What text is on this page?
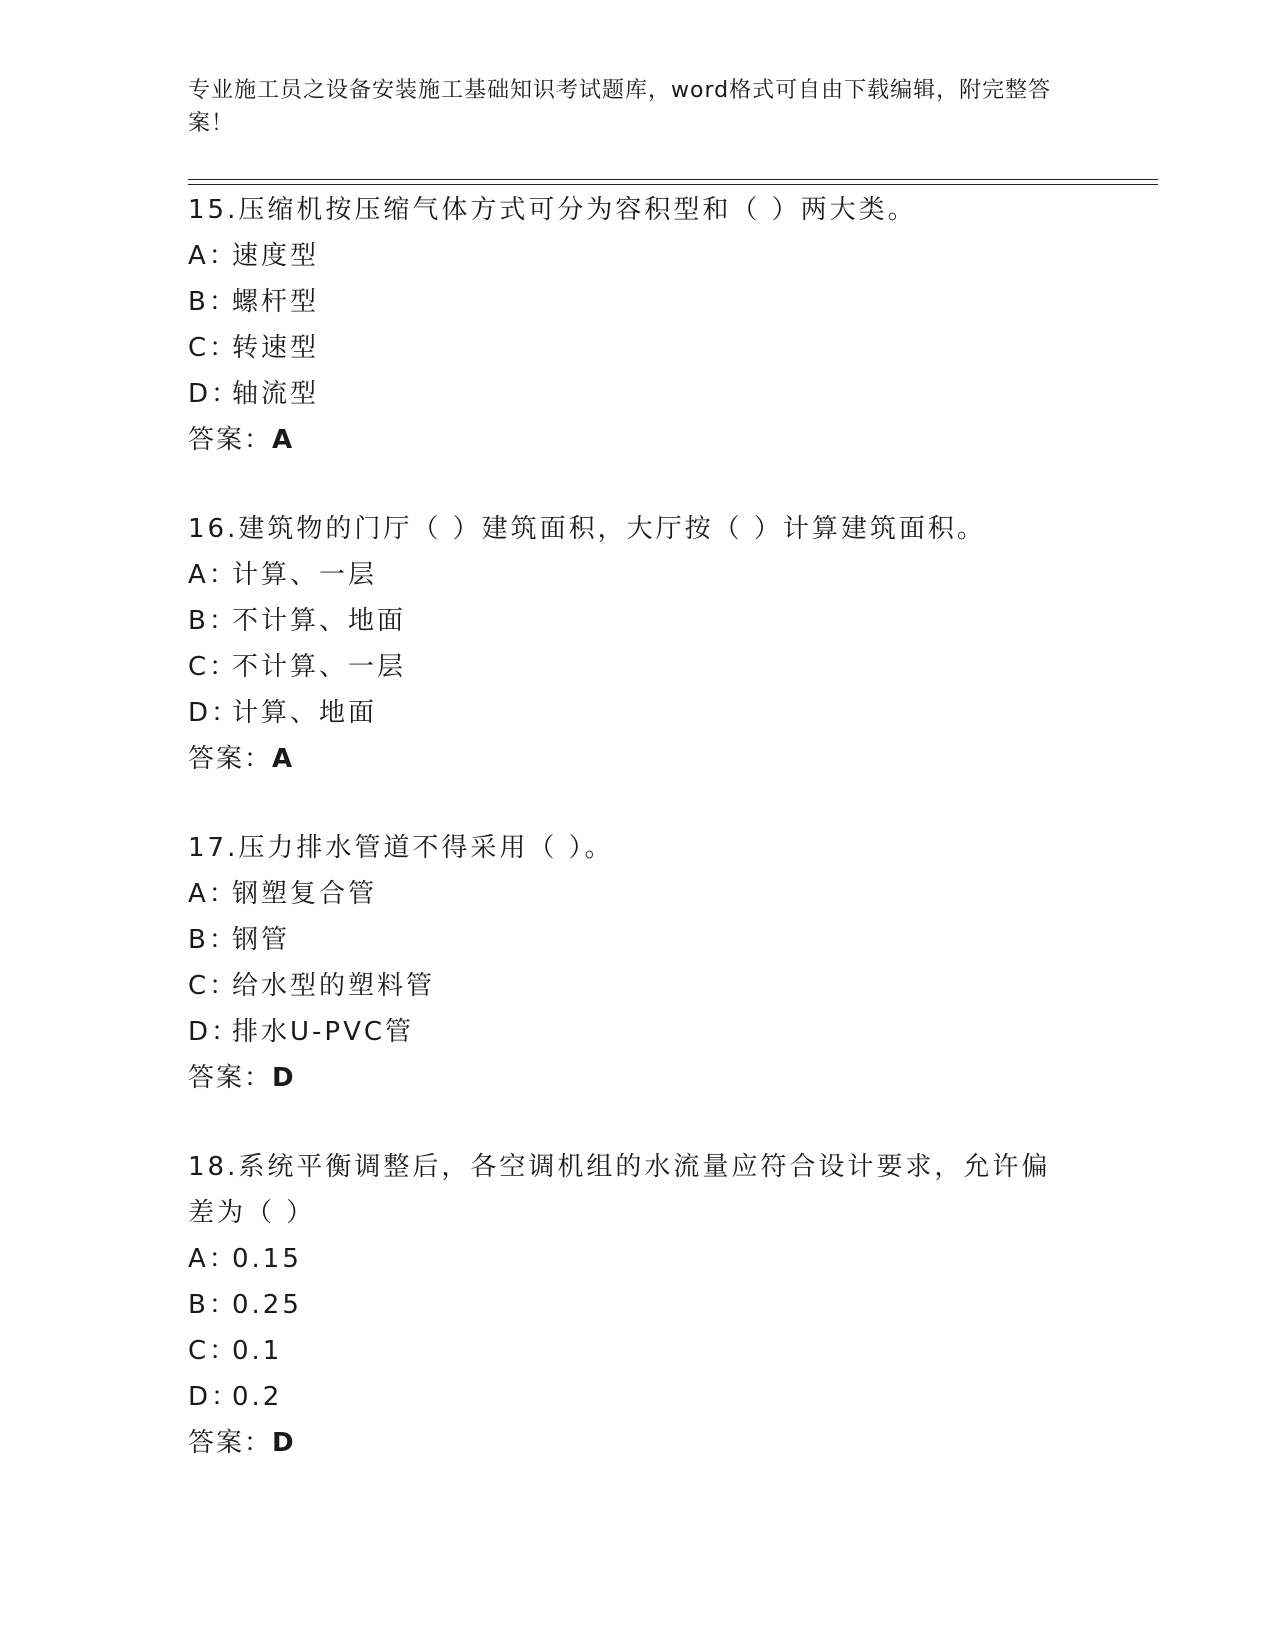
专业施工员之设备安装施工基础知识考试题库，word格式可自由下载编辑，附完整答案！
15.压缩机按压缩气体方式可分为容积型和（ ）两大类。
A：速度型
B：螺杆型
C：转速型
D：轴流型
答案：A
16.建筑物的门厅（ ）建筑面积，大厅按（ ）计算建筑面积。
A：计算、一层
B：不计算、地面
C：不计算、一层
D：计算、地面
答案：A
17.压力排水管道不得采用（ ）。
A：钢塑复合管
B：钢管
C：给水型的塑料管
D：排水U-PVC管
答案：D
18.系统平衡调整后，各空调机组的水流量应符合设计要求，允许偏差为（ ）
A：0.15
B：0.25
C：0.1
D：0.2
答案：D
